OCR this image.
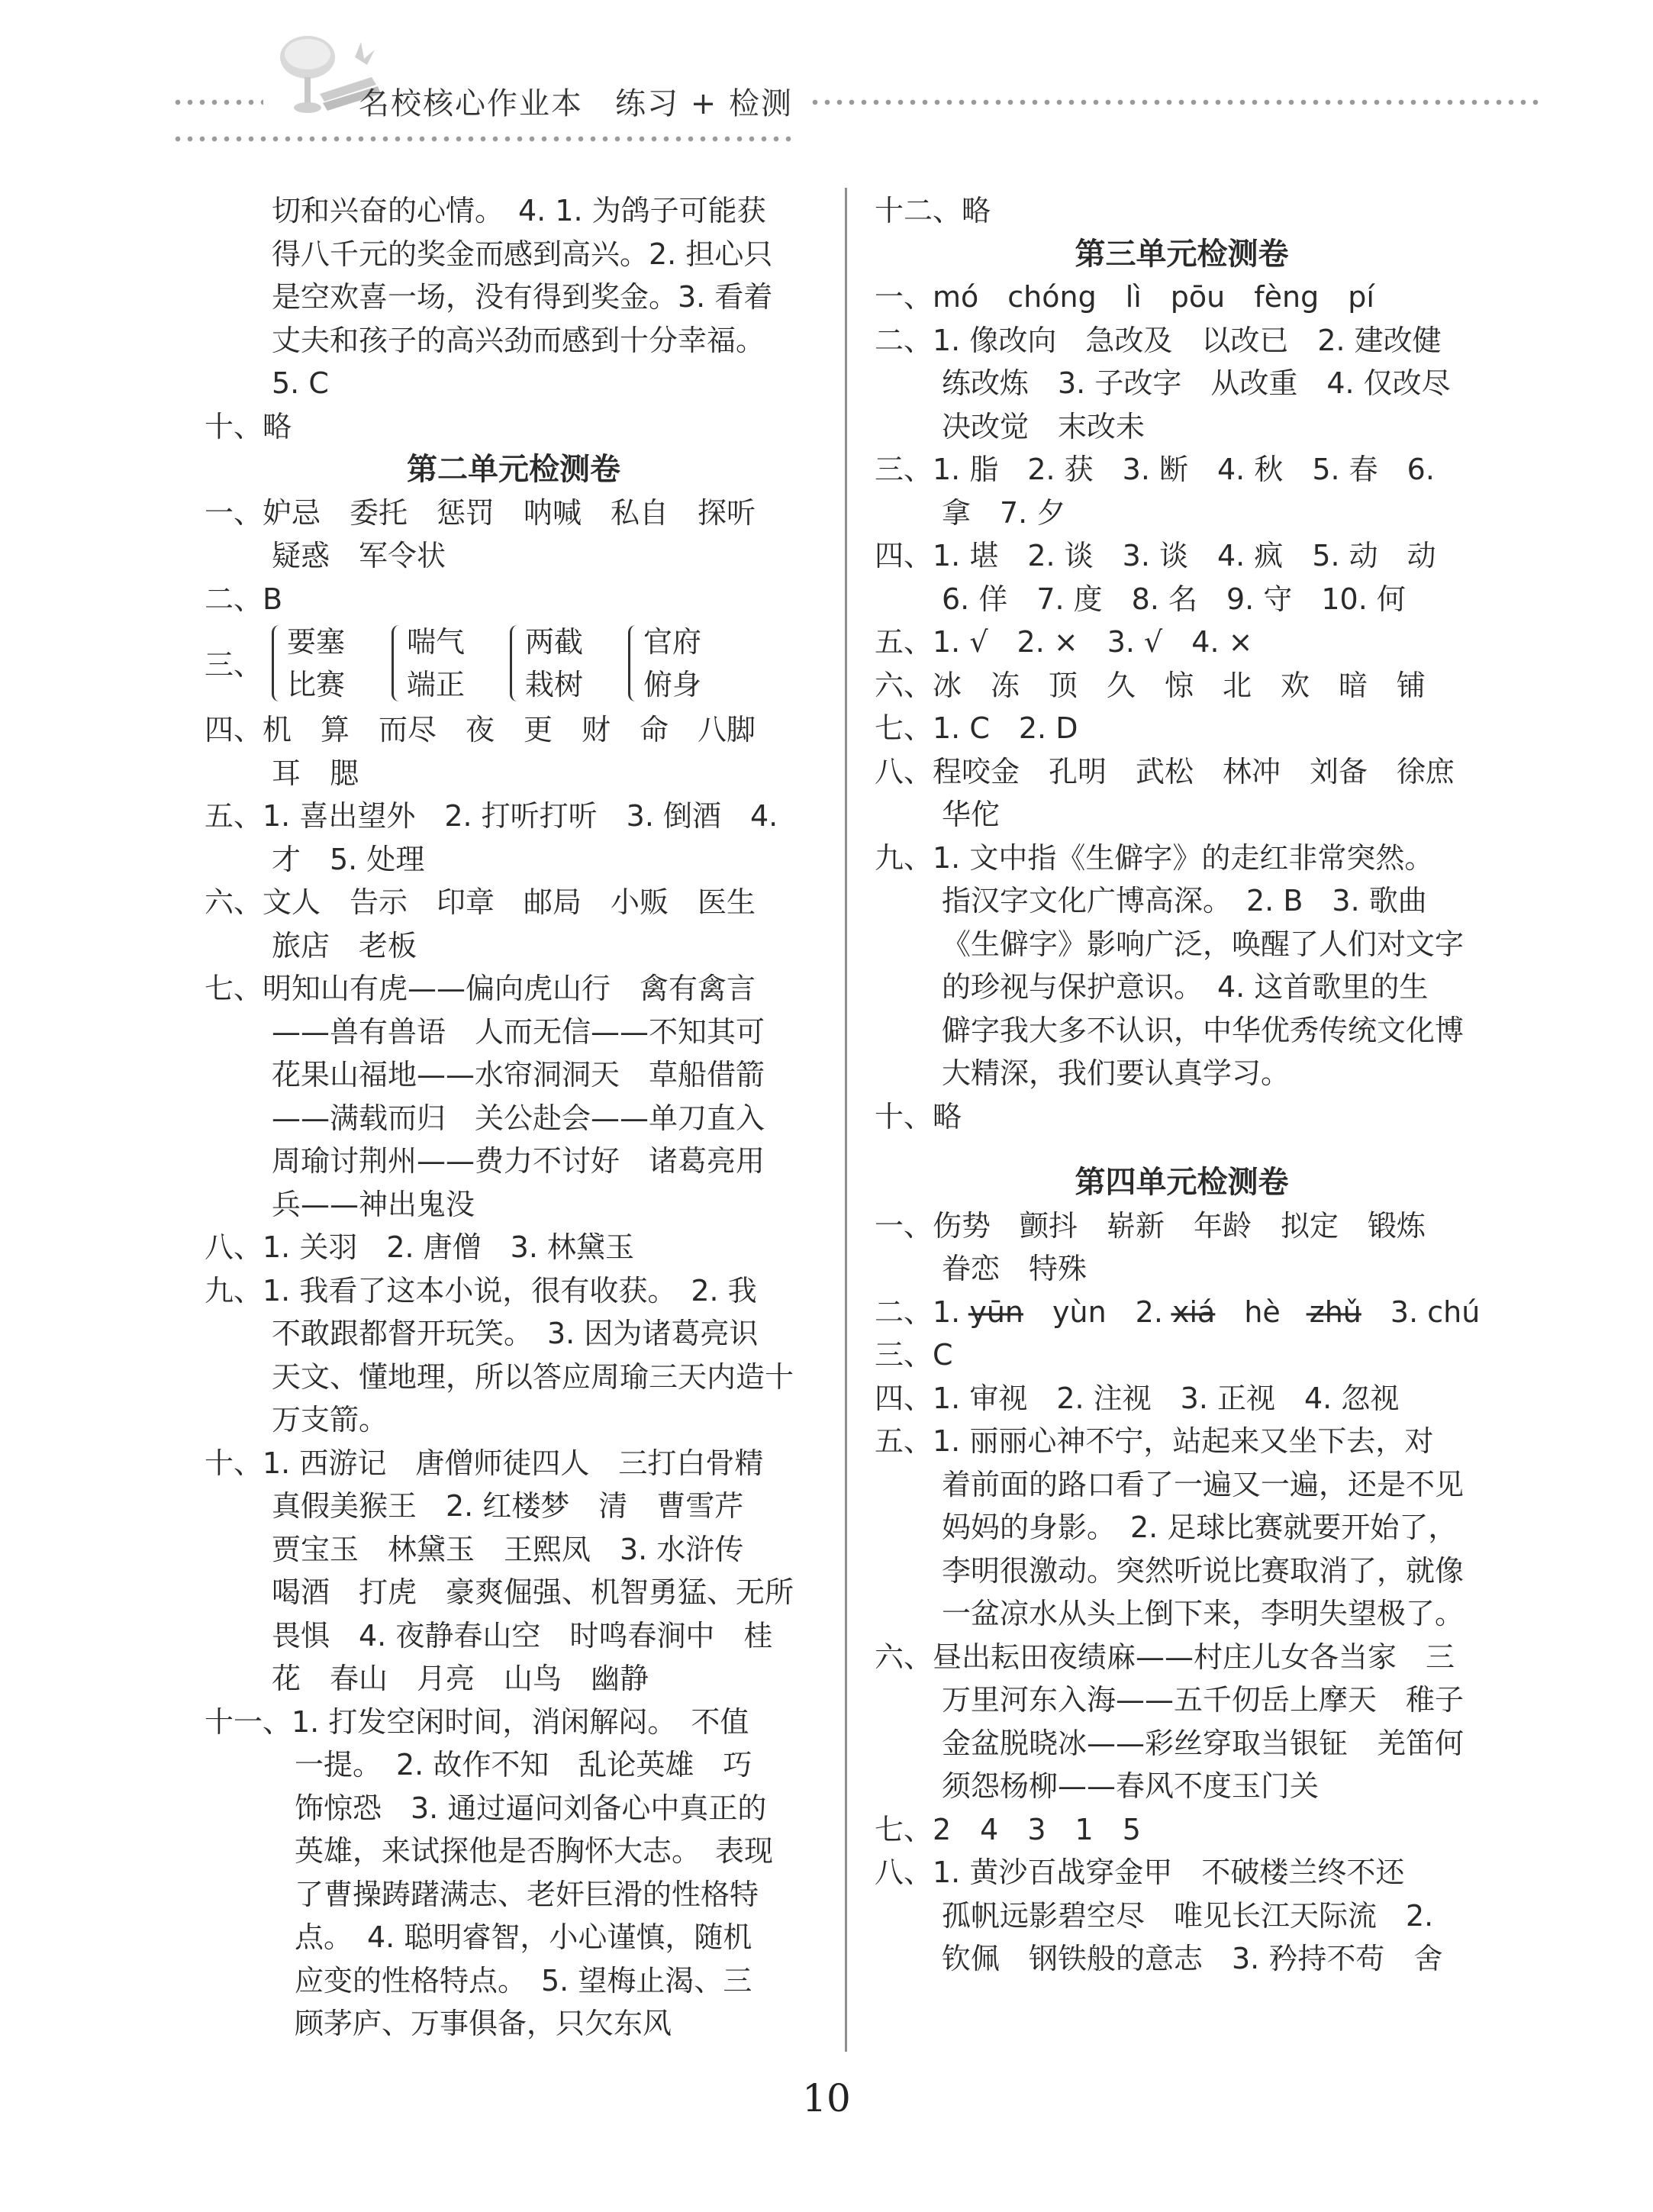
名校核心作业本　练习 + 检测
切和兴奋的心情。　4. 1. 为鸽子可能获
得八千元的奖金而感到高兴。2. 担心只
是空欢喜一场，没有得到奖金。3. 看着
丈夫和孩子的高兴劲而感到十分幸福。
5. C
十、略
第二单元检测卷
一、妒忌　委托　惩罚　呐喊　私自　探听
疑惑　军令状
二、B
三、
要塞
比赛
喘气
端正
两截
栽树
官府
俯身
四、机　算　而尽　夜　更　财　命　八脚
耳　腮
五、1. 喜出望外　2. 打听打听　3. 倒酒　4.
才　5. 处理
六、文人　告示　印章　邮局　小贩　医生
旅店　老板
七、明知山有虎——偏向虎山行　禽有禽言
——兽有兽语　人而无信——不知其可
花果山福地——水帘洞洞天　草船借箭
——满载而归　关公赴会——单刀直入
周瑜讨荆州——费力不讨好　诸葛亮用
兵——神出鬼没
八、1. 关羽　2. 唐僧　3. 林黛玉
九、1. 我看了这本小说，很有收获。　2. 我
不敢跟都督开玩笑。　3. 因为诸葛亮识
天文、懂地理，所以答应周瑜三天内造十
万支箭。
十、1. 西游记　唐僧师徒四人　三打白骨精
真假美猴王　2. 红楼梦　清　曹雪芹
贾宝玉　林黛玉　王熙凤　3. 水浒传
喝酒　打虎　豪爽倔强、机智勇猛、无所
畏惧　4. 夜静春山空　时鸣春涧中　桂
花　春山　月亮　山鸟　幽静
十一、1. 打发空闲时间，消闲解闷。　不值
一提。　2. 故作不知　乱论英雄　巧
饰惊恐　3. 通过逼问刘备心中真正的
英雄，来试探他是否胸怀大志。　表现
了曹操踌躇满志、老奸巨滑的性格特
点。　4. 聪明睿智，小心谨慎，随机
应变的性格特点。　5. 望梅止渴、三
顾茅庐、万事俱备，只欠东风
十二、略
第三单元检测卷
一、mó　chóng　lì　pōu　fèng　pí
二、1. 像改向　急改及　以改已　2. 建改健
练改炼　3. 子改字　从改重　4. 仅改尽
决改觉　末改未
三、1. 脂　2. 获　3. 断　4. 秋　5. 春　6.
拿　7. 夕
四、1. 堪　2. 谈　3. 谈　4. 疯　5. 动　动
6. 佯　7. 度　8. 名　9. 守　10. 何
五、1. √　2. ×　3. √　4. ×
六、冰　冻　顶　久　惊　北　欢　暗　铺
七、1. C　2. D
八、程咬金　孔明　武松　林冲　刘备　徐庶
华佗
九、1. 文中指《生僻字》的走红非常突然。
指汉字文化广博高深。　2. B　3. 歌曲
《生僻字》影响广泛，唤醒了人们对文字
的珍视与保护意识。　4. 这首歌里的生
僻字我大多不认识，中华优秀传统文化博
大精深，我们要认真学习。
十、略
第四单元检测卷
一、伤势　颤抖　崭新　年龄　拟定　锻炼
眷恋　特殊
二、1. y̶ū̶n̶　yùn　2. x̶i̶á̶　hè　z̶h̶ǔ̶　3. chú
三、C
四、1. 审视　2. 注视　3. 正视　4. 忽视
五、1. 丽丽心神不宁，站起来又坐下去，对
着前面的路口看了一遍又一遍，还是不见
妈妈的身影。　2. 足球比赛就要开始了，
李明很激动。突然听说比赛取消了，就像
一盆凉水从头上倒下来，李明失望极了。
六、昼出耘田夜绩麻——村庄儿女各当家　三
万里河东入海——五千仞岳上摩天　稚子
金盆脱晓冰——彩丝穿取当银钲　羌笛何
须怨杨柳——春风不度玉门关
七、2　4　3　1　5
八、1. 黄沙百战穿金甲　不破楼兰终不还
孤帆远影碧空尽　唯见长江天际流　2.
钦佩　钢铁般的意志　3. 矜持不苟　舍
10
